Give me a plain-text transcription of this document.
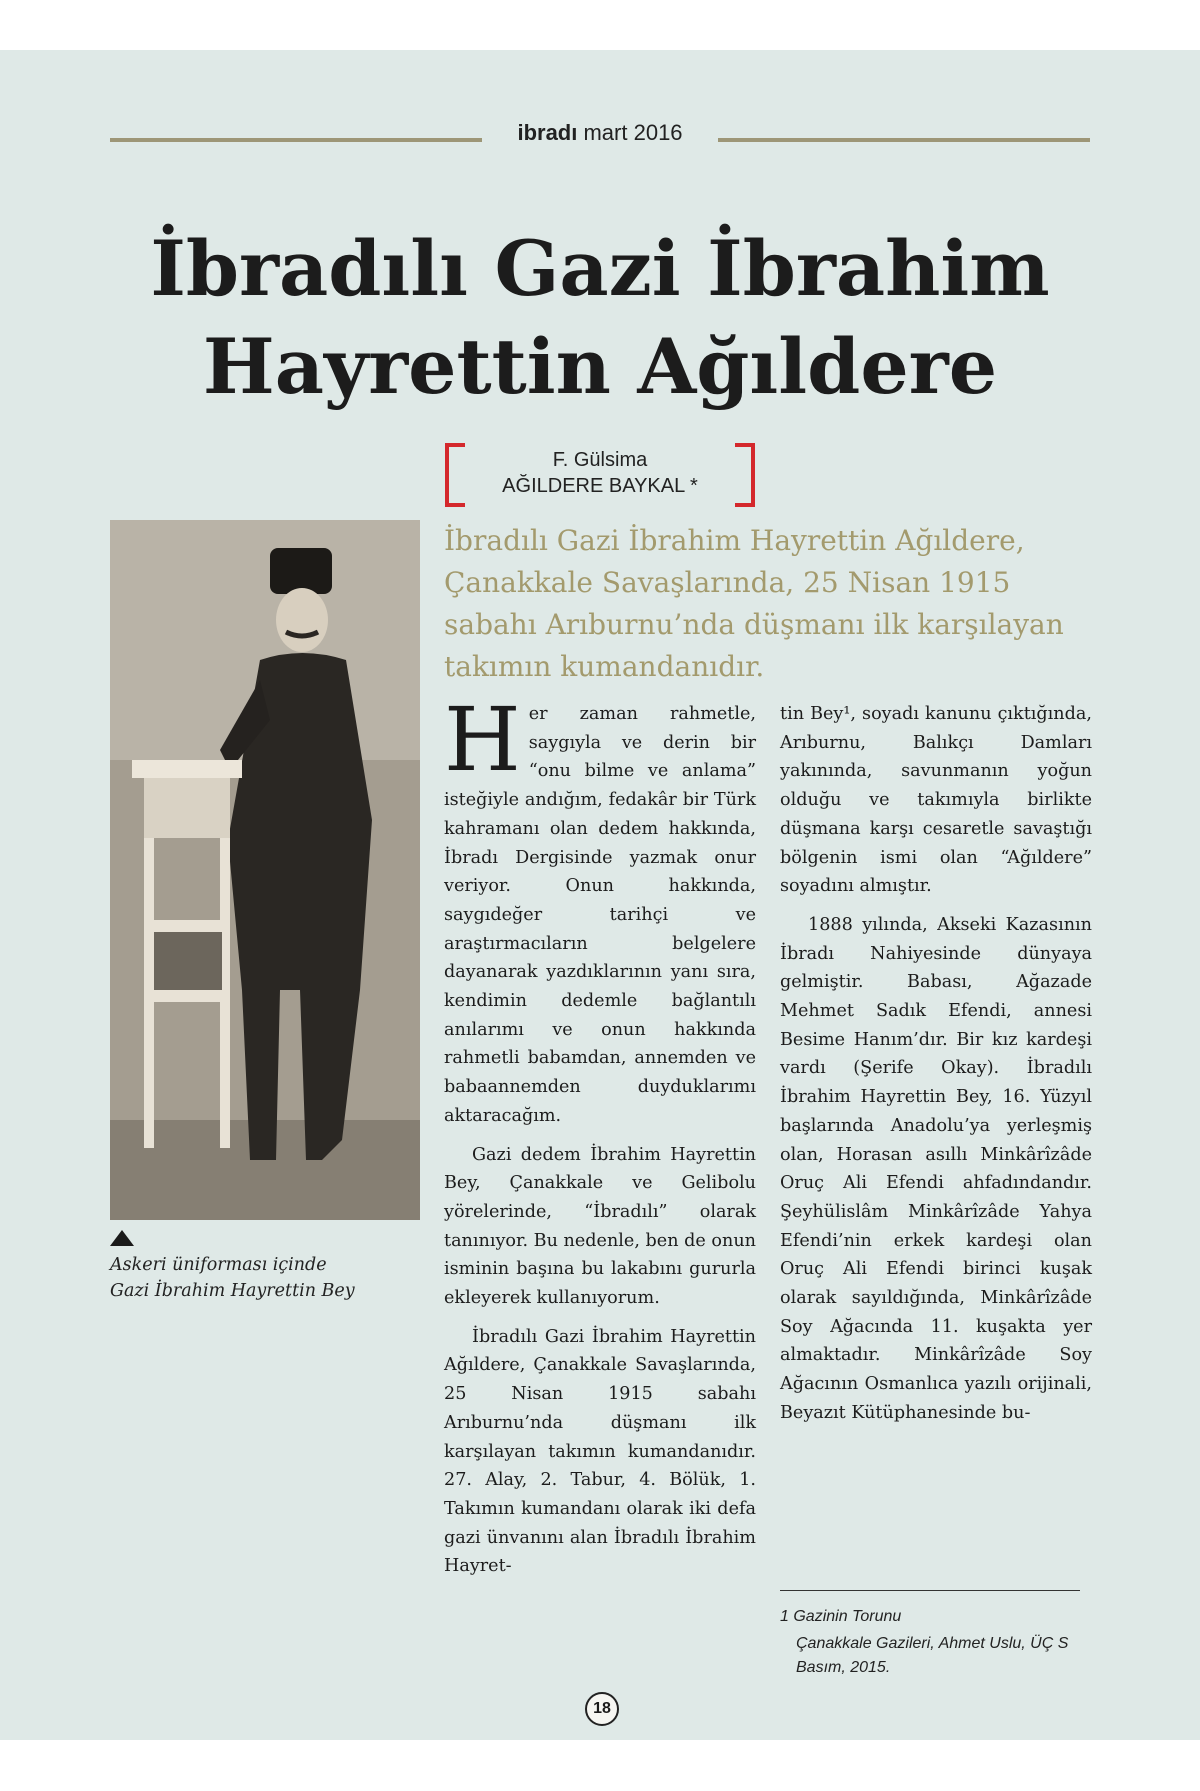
ibradı mart 2016
İbradılı Gazi İbrahim
Hayrettin Ağıldere
F. Gülsima
AĞILDERE BAYKAL *
Askeri üniforması içinde
Gazi İbrahim Hayrettin Bey
İbradılı Gazi İbrahim Hayrettin Ağıldere, Çanakkale Savaşlarında, 25 Nisan 1915 sabahı Arıburnu’nda düşmanı ilk karşılayan takımın kumandanıdır.

Her zaman rahmetle, saygıyla ve derin bir “onu bilme ve anlama” isteğiyle andığım, fedakâr bir Türk kahramanı olan dedem hakkında, İbradı Dergisinde yazmak onur veriyor. Onun hakkında, saygıdeğer tarihçi ve araştırmacıların belgelere dayanarak yazdıklarının yanı sıra, kendimin dedemle bağlantılı anılarımı ve onun hakkında rahmetli babamdan, annemden ve babaannemden duyduklarımı aktaracağım.

Gazi dedem İbrahim Hayrettin Bey, Çanakkale ve Gelibolu yörelerinde, “İbradılı” olarak tanınıyor. Bu nedenle, ben de onun isminin başına bu lakabını gururla ekleyerek kullanıyorum.

İbradılı Gazi İbrahim Hayrettin Ağıldere, Çanakkale Savaşlarında, 25 Nisan 1915 sabahı Arıburnu’nda düşmanı ilk karşılayan takımın kumandanıdır. 27. Alay, 2. Tabur, 4. Bölük, 1. Takımın kumandanı olarak iki defa gazi ünvanını alan İbradılı İbrahim Hayret-

tin Bey¹, soyadı kanunu çıktığında, Arıburnu, Balıkçı Damları yakınında, savunmanın yoğun olduğu ve takımıyla birlikte düşmana karşı cesaretle savaştığı bölgenin ismi olan “Ağıldere” soyadını almıştır.

1888 yılında, Akseki Kazasının İbradı Nahiyesinde dünyaya gelmiştir. Babası, Ağazade Mehmet Sadık Efendi, annesi Besime Hanım’dır. Bir kız kardeşi vardı (Şerife Okay). İbradılı İbrahim Hayrettin Bey, 16. Yüzyıl başlarında Anadolu’ya yerleşmiş olan, Horasan asıllı Minkârîzâde Oruç Ali Efendi ahfadındandır. Şeyhülislâm Minkârîzâde Yahya Efendi’nin erkek kardeşi olan Oruç Ali Efendi birinci kuşak olarak sayıldığında, Minkârîzâde Soy Ağacında 11. kuşakta yer almaktadır. Minkârîzâde Soy Ağacının Osmanlıca yazılı orijinali, Beyazıt Kütüphanesinde bu-

1 Gazinin Torunu
Çanakkale Gazileri, Ahmet Uslu, ÜÇ S Basım, 2015.
18
